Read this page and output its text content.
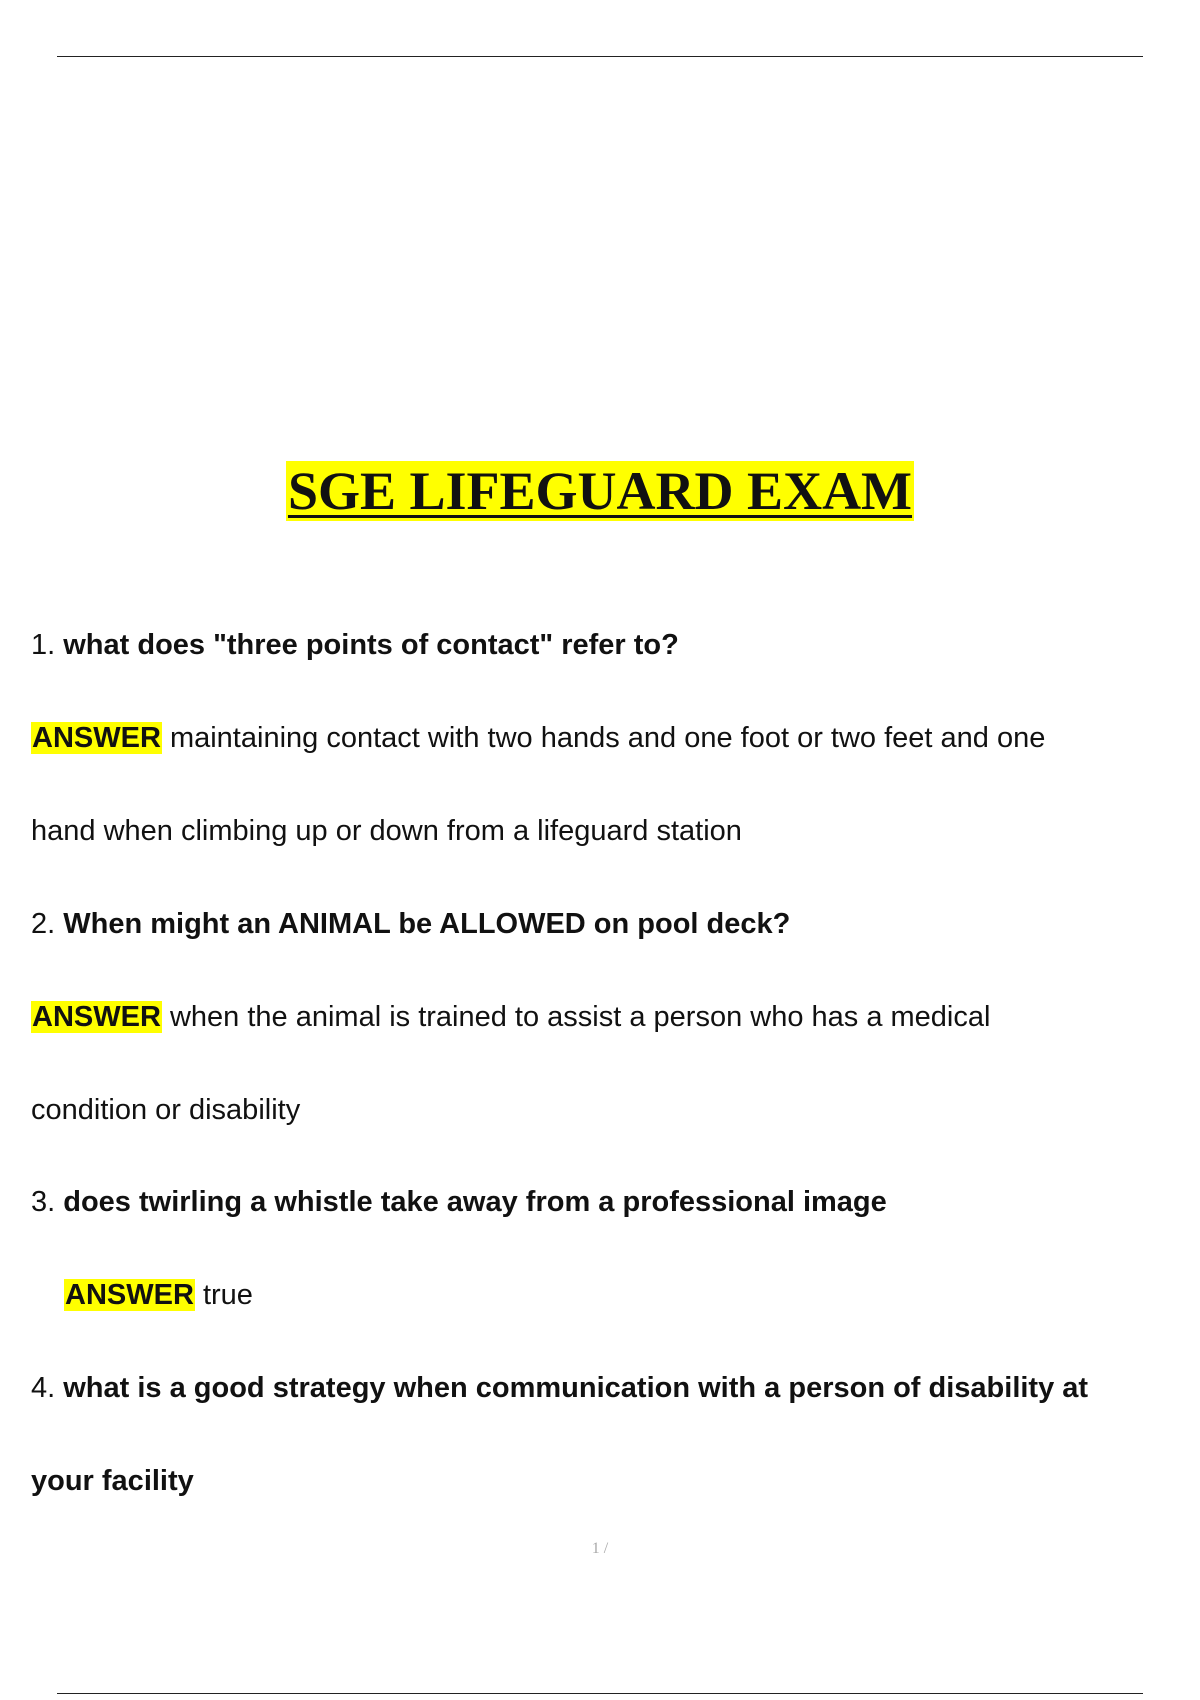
SGE LIFEGUARD EXAM

1. what does "three points of contact" refer to?

ANSWER maintaining contact with two hands and one foot or two feet and one

hand when climbing up or down from a lifeguard station

2. When might an ANIMAL be ALLOWED on pool deck?

ANSWER when the animal is trained to assist a person who has a medical

condition or disability

3. does twirling a whistle take away from a professional image

ANSWER true

4. what is a good strategy when communication with a person of disability at

your facility

1 /
